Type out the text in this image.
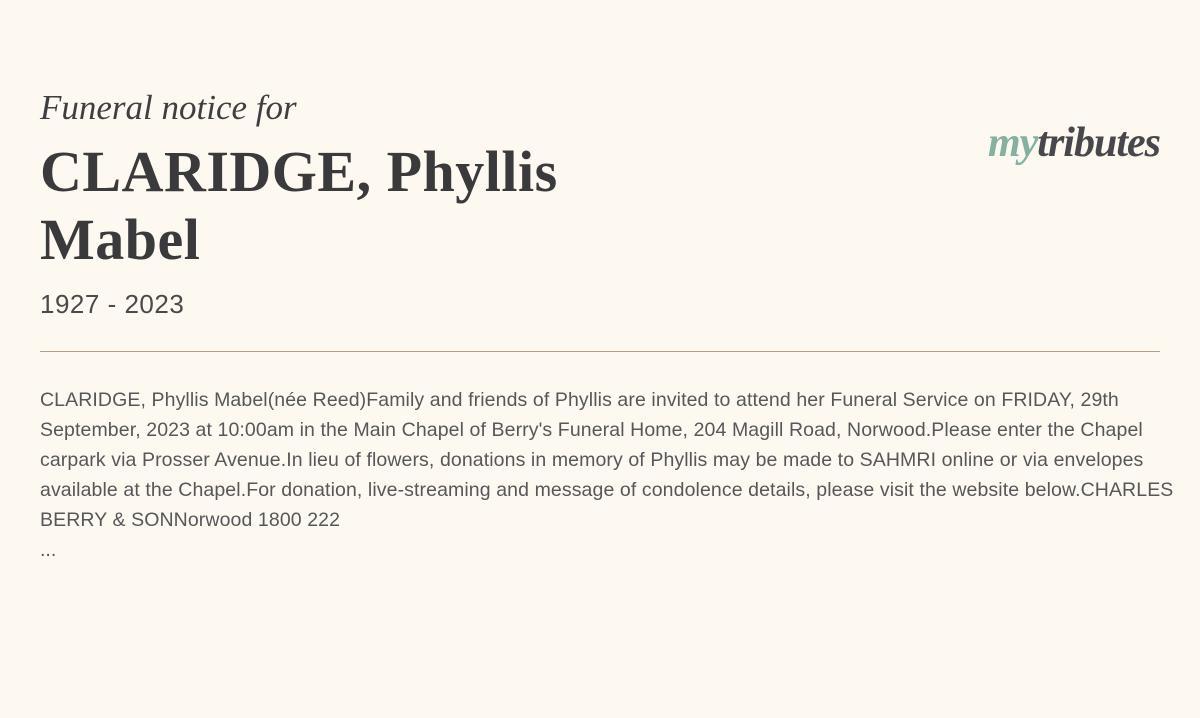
mytributes
Funeral notice for
CLARIDGE, Phyllis Mabel
1927 - 2023

CLARIDGE, Phyllis Mabel(née Reed)Family and friends of Phyllis are invited to attend her Funeral Service on FRIDAY, 29th September, 2023 at 10:00am in the Main Chapel of Berry's Funeral Home, 204 Magill Road, Norwood.Please enter the Chapel carpark via Prosser Avenue.In lieu of flowers, donations in memory of Phyllis may be made to SAHMRI online or via envelopes available at the Chapel.For donation, live-streaming and message of condolence details, please visit the website below.CHARLES BERRY & SONNorwood 1800 222

...
